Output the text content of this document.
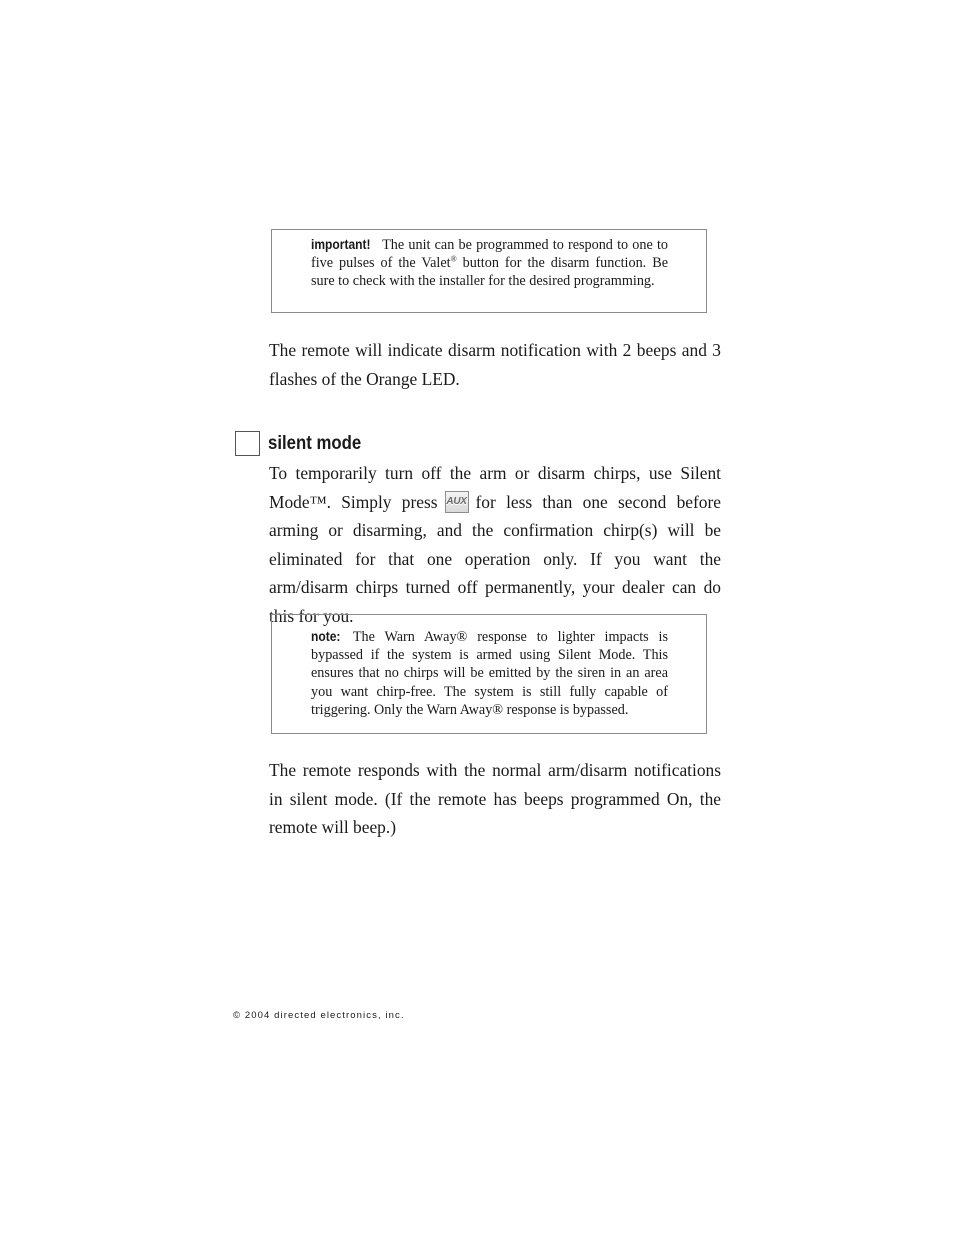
important! The unit can be programmed to respond to one to five pulses of the Valet® button for the disarm function. Be sure to check with the installer for the desired programming.
The remote will indicate disarm notification with 2 beeps and 3 flashes of the Orange LED.
silent mode
To temporarily turn off the arm or disarm chirps, use Silent Mode™. Simply press AUX for less than one second before arming or disarming, and the confirmation chirp(s) will be eliminated for that one operation only. If you want the arm/disarm chirps turned off permanently, your dealer can do this for you.
note: The Warn Away® response to lighter impacts is bypassed if the system is armed using Silent Mode. This ensures that no chirps will be emitted by the siren in an area you want chirp-free. The system is still fully capable of triggering. Only the Warn Away® response is bypassed.
The remote responds with the normal arm/disarm notifications in silent mode. (If the remote has beeps programmed On, the remote will beep.)
© 2004 directed electronics, inc.
